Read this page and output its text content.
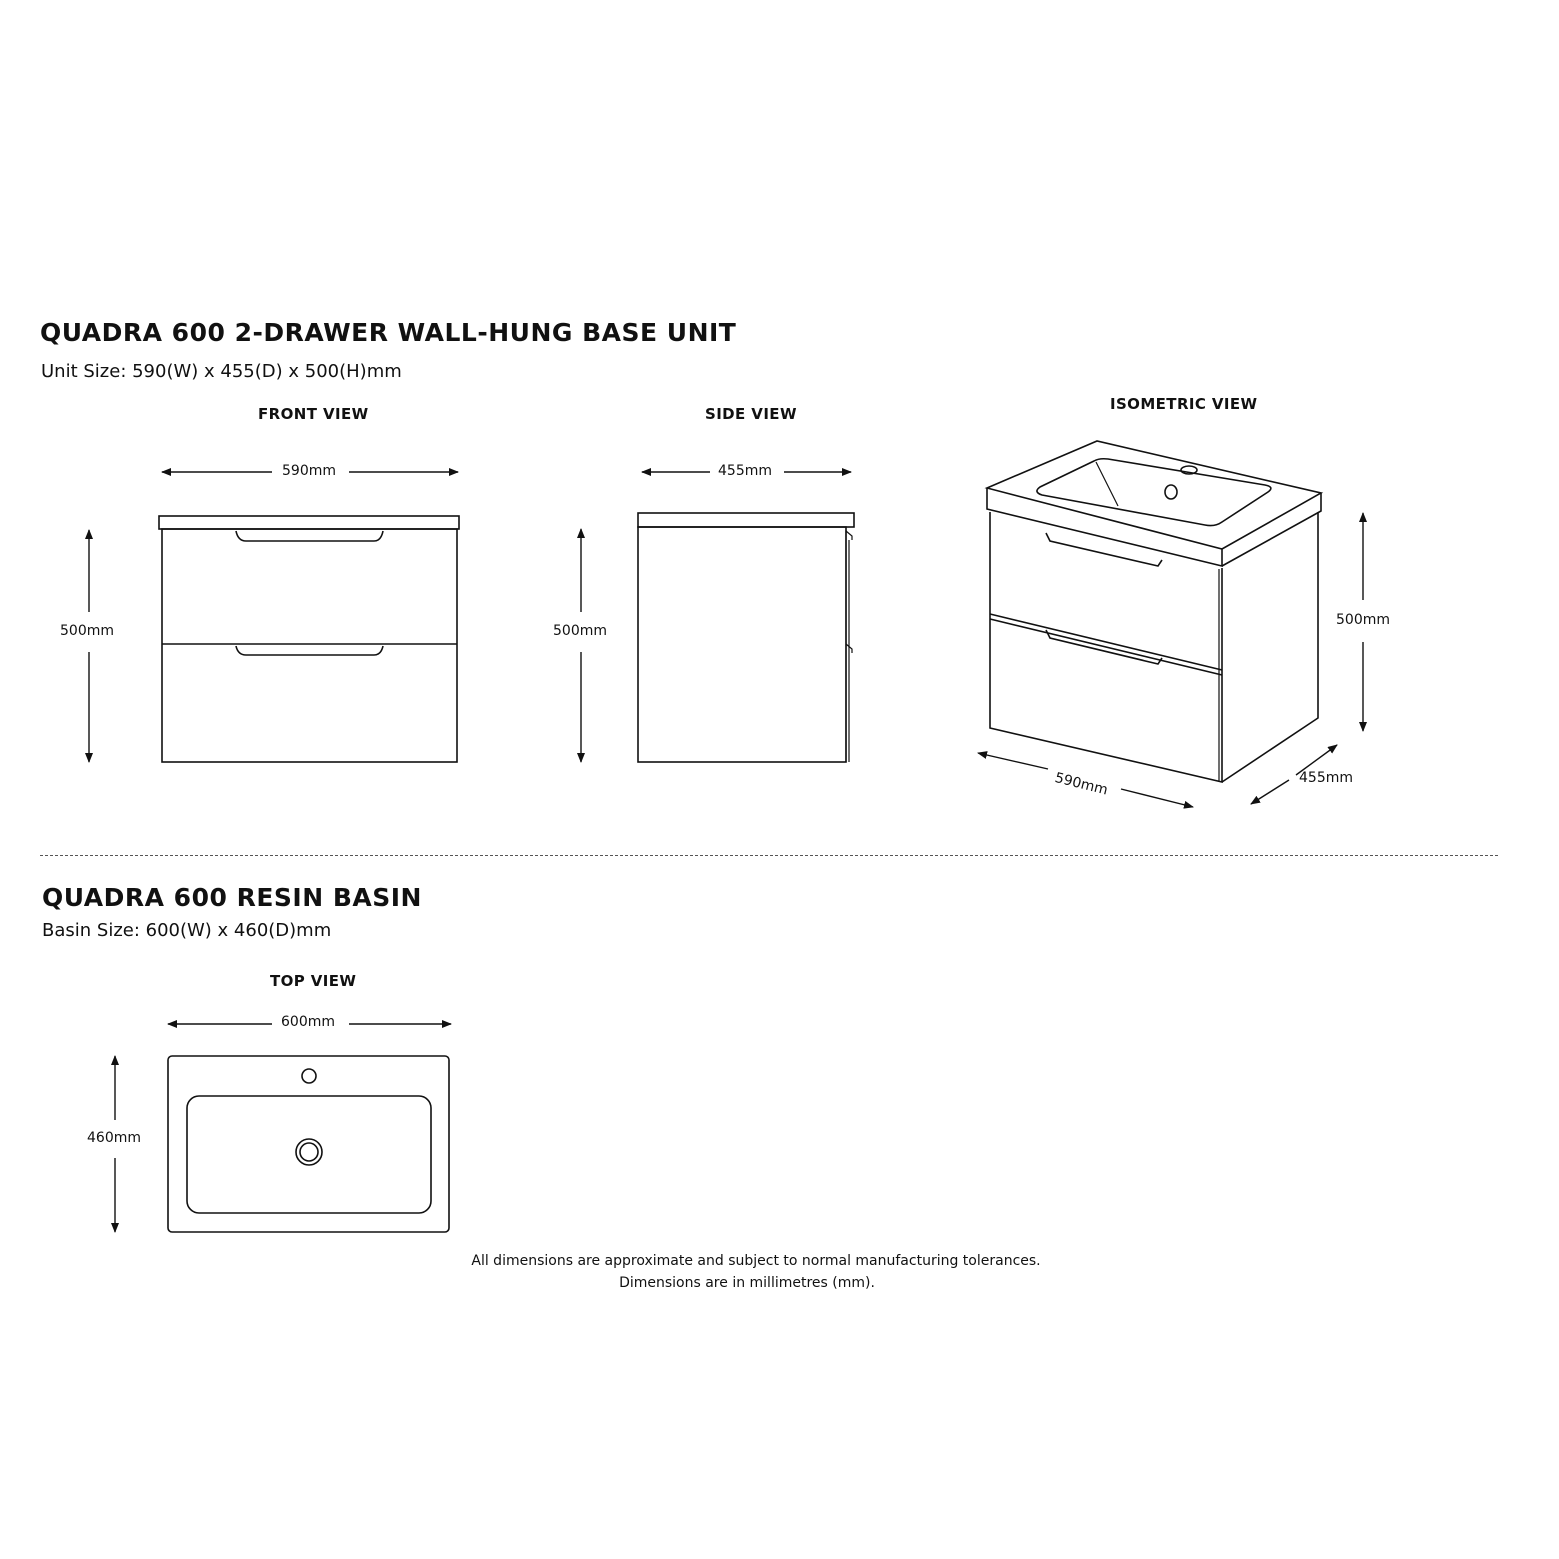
QUADRA 600 2-DRAWER WALL-HUNG BASE UNIT
Unit Size: 590(W) x 455(D) x 500(H)mm
FRONT VIEW	SIDE VIEW
ISOMETRIC VIEW
590mm
500mm
455mm
500mm
500mm
590mm	455mm
QUADRA 600 RESIN BASIN
Basin Size: 600(W) x 460(D)mm
TOP VIEW
600mm
460mm
All dimensions are approximate and subject to normal manufacturing tolerances.
Dimensions are in millimetres (mm).
